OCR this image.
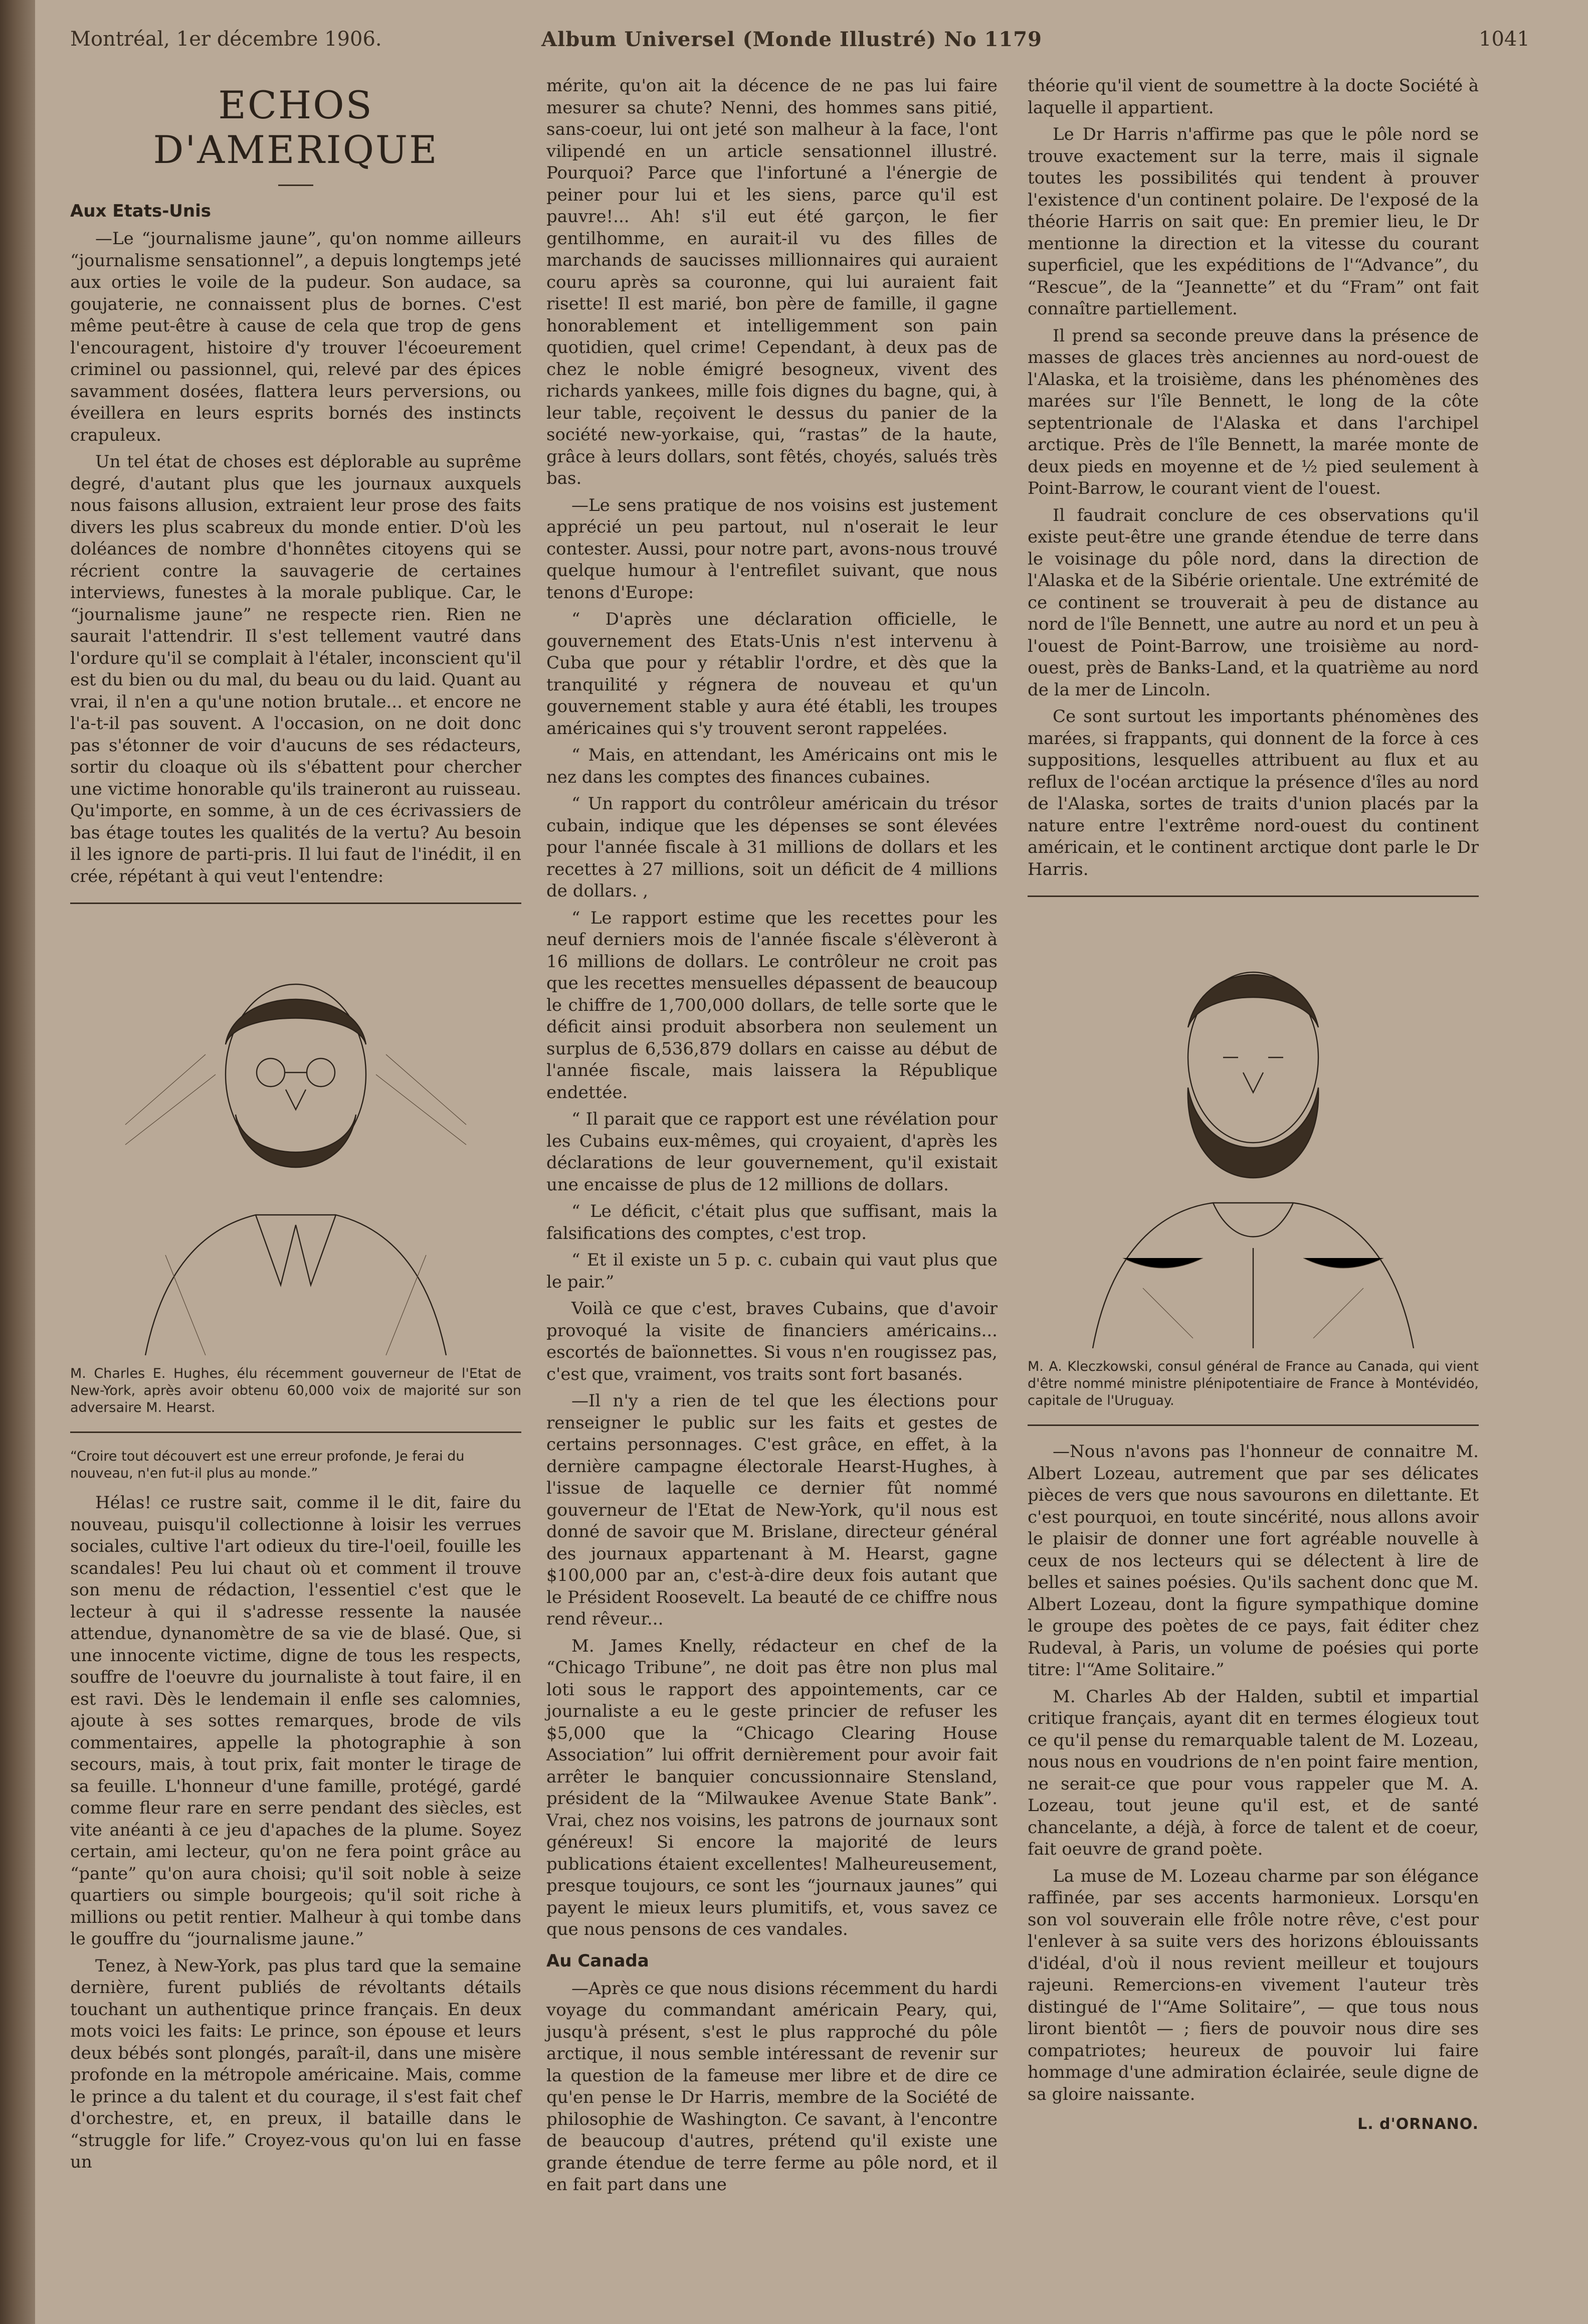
Montréal, 1er décembre 1906.	Album Universel (Monde Illustré) No 1179	1041
ECHOS D'AMERIQUE
Aux Etats-Unis

—Le “journalisme jaune”, qu'on nomme ailleurs “journalisme sensationnel”, a depuis longtemps jeté aux orties le voile de la pudeur. Son audace, sa goujaterie, ne connaissent plus de bornes. C'est même peut-être à cause de cela que trop de gens l'encouragent, histoire d'y trouver l'écoeurement criminel ou passionnel, qui, relevé par des épices savamment dosées, flattera leurs perversions, ou éveillera en leurs esprits bornés des instincts crapuleux.

Un tel état de choses est déplorable au suprême degré, d'autant plus que les journaux auxquels nous faisons allusion, extraient leur prose des faits divers les plus scabreux du monde entier. D'où les doléances de nombre d'honnêtes citoyens qui se récrient contre la sauvagerie de certaines interviews, funestes à la morale publique. Car, le “journalisme jaune” ne respecte rien. Rien ne saurait l'attendrir. Il s'est tellement vautré dans l'ordure qu'il se complait à l'étaler, inconscient qu'il est du bien ou du mal, du beau ou du laid. Quant au vrai, il n'en a qu'une notion brutale... et encore ne l'a-t-il pas souvent. A l'occasion, on ne doit donc pas s'étonner de voir d'aucuns de ses rédacteurs, sortir du cloaque où ils s'ébattent pour chercher une victime honorable qu'ils traineront au ruisseau. Qu'importe, en somme, à un de ces écrivassiers de bas étage toutes les qualités de la vertu? Au besoin il les ignore de parti-pris. Il lui faut de l'inédit, il en crée, répétant à qui veut l'entendre:

M. Charles E. Hughes, élu récemment gouverneur de l'Etat de New-York, après avoir obtenu 60,000 voix de majorité sur son adversaire M. Hearst.
“Croire tout découvert est une erreur profonde, Je ferai du nouveau, n'en fut-il plus au monde.”

Hélas! ce rustre sait, comme il le dit, faire du nouveau, puisqu'il collectionne à loisir les verrues sociales, cultive l'art odieux du tire-l'oeil, fouille les scandales! Peu lui chaut où et comment il trouve son menu de rédaction, l'essentiel c'est que le lecteur à qui il s'adresse ressente la nausée attendue, dynanomètre de sa vie de blasé. Que, si une innocente victime, digne de tous les respects, souffre de l'oeuvre du journaliste à tout faire, il en est ravi. Dès le lendemain il enfle ses calomnies, ajoute à ses sottes remarques, brode de vils commentaires, appelle la photographie à son secours, mais, à tout prix, fait monter le tirage de sa feuille. L'honneur d'une famille, protégé, gardé comme fleur rare en serre pendant des siècles, est vite anéanti à ce jeu d'apaches de la plume. Soyez certain, ami lecteur, qu'on ne fera point grâce au “pante” qu'on aura choisi; qu'il soit noble à seize quartiers ou simple bourgeois; qu'il soit riche à millions ou petit rentier. Malheur à qui tombe dans le gouffre du “journalisme jaune.”

Tenez, à New-York, pas plus tard que la semaine dernière, furent publiés de révoltants détails touchant un authentique prince français. En deux mots voici les faits: Le prince, son épouse et leurs deux bébés sont plongés, paraît-il, dans une misère profonde en la métropole américaine. Mais, comme le prince a du talent et du courage, il s'est fait chef d'orchestre, et, en preux, il bataille dans le “struggle for life.” Croyez-vous qu'on lui en fasse un

mérite, qu'on ait la décence de ne pas lui faire mesurer sa chute? Nenni, des hommes sans pitié, sans-coeur, lui ont jeté son malheur à la face, l'ont vilipendé en un article sensationnel illustré. Pourquoi? Parce que l'infortuné a l'énergie de peiner pour lui et les siens, parce qu'il est pauvre!... Ah! s'il eut été garçon, le fier gentilhomme, en aurait-il vu des filles de marchands de saucisses millionnaires qui auraient couru après sa couronne, qui lui auraient fait risette! Il est marié, bon père de famille, il gagne honorablement et intelligemment son pain quotidien, quel crime! Cependant, à deux pas de chez le noble émigré besogneux, vivent des richards yankees, mille fois dignes du bagne, qui, à leur table, reçoivent le dessus du panier de la société new-yorkaise, qui, “rastas” de la haute, grâce à leurs dollars, sont fêtés, choyés, salués très bas.

—Le sens pratique de nos voisins est justement apprécié un peu partout, nul n'oserait le leur contester. Aussi, pour notre part, avons-nous trouvé quelque humour à l'entrefilet suivant, que nous tenons d'Europe:

“ D'après une déclaration officielle, le gouvernement des Etats-Unis n'est intervenu à Cuba que pour y rétablir l'ordre, et dès que la tranquilité y régnera de nouveau et qu'un gouvernement stable y aura été établi, les troupes américaines qui s'y trouvent seront rappelées.

“ Mais, en attendant, les Américains ont mis le nez dans les comptes des finances cubaines.

“ Un rapport du contrôleur américain du trésor cubain, indique que les dépenses se sont élevées pour l'année fiscale à 31 millions de dollars et les recettes à 27 millions, soit un déficit de 4 millions de dollars. ,

“ Le rapport estime que les recettes pour les neuf derniers mois de l'année fiscale s'élèveront à 16 millions de dollars. Le contrôleur ne croit pas que les recettes mensuelles dépassent de beaucoup le chiffre de 1,700,000 dollars, de telle sorte que le déficit ainsi produit absorbera non seulement un surplus de 6,536,879 dollars en caisse au début de l'année fiscale, mais laissera la République endettée.

“ Il parait que ce rapport est une révélation pour les Cubains eux-mêmes, qui croyaient, d'après les déclarations de leur gouvernement, qu'il existait une encaisse de plus de 12 millions de dollars.

“ Le déficit, c'était plus que suffisant, mais la falsifications des comptes, c'est trop.

“ Et il existe un 5 p. c. cubain qui vaut plus que le pair.”

Voilà ce que c'est, braves Cubains, que d'avoir provoqué la visite de financiers américains... escortés de baïonnettes. Si vous n'en rougissez pas, c'est que, vraiment, vos traits sont fort basanés.

—Il n'y a rien de tel que les élections pour renseigner le public sur les faits et gestes de certains personnages. C'est grâce, en effet, à la dernière campagne électorale Hearst-Hughes, à l'issue de laquelle ce dernier fût nommé gouverneur de l'Etat de New-York, qu'il nous est donné de savoir que M. Brislane, directeur général des journaux appartenant à M. Hearst, gagne $100,000 par an, c'est-à-dire deux fois autant que le Président Roosevelt. La beauté de ce chiffre nous rend rêveur...

M. James Knelly, rédacteur en chef de la “Chicago Tribune”, ne doit pas être non plus mal loti sous le rapport des appointements, car ce journaliste a eu le geste princier de refuser les $5,000 que la “Chicago Clearing House Association” lui offrit dernièrement pour avoir fait arrêter le banquier concussionnaire Stensland, président de la “Milwaukee Avenue State Bank”. Vrai, chez nos voisins, les patrons de journaux sont généreux! Si encore la majorité de leurs publications étaient excellentes! Malheureusement, presque toujours, ce sont les “journaux jaunes” qui payent le mieux leurs plumitifs, et, vous savez ce que nous pensons de ces vandales.

Au Canada

—Après ce que nous disions récemment du hardi voyage du commandant américain Peary, qui, jusqu'à présent, s'est le plus rapproché du pôle arctique, il nous semble intéressant de revenir sur la question de la fameuse mer libre et de dire ce qu'en pense le Dr Harris, membre de la Société de philosophie de Washington. Ce savant, à l'encontre de beaucoup d'autres, prétend qu'il existe une grande étendue de terre ferme au pôle nord, et il en fait part dans une

théorie qu'il vient de soumettre à la docte Société à laquelle il appartient.

Le Dr Harris n'affirme pas que le pôle nord se trouve exactement sur la terre, mais il signale toutes les possibilités qui tendent à prouver l'existence d'un continent polaire. De l'exposé de la théorie Harris on sait que: En premier lieu, le Dr mentionne la direction et la vitesse du courant superficiel, que les expéditions de l'“Advance”, du “Rescue”, de la “Jeannette” et du “Fram” ont fait connaître partiellement.

Il prend sa seconde preuve dans la présence de masses de glaces très anciennes au nord-ouest de l'Alaska, et la troisième, dans les phénomènes des marées sur l'île Bennett, le long de la côte septentrionale de l'Alaska et dans l'archipel arctique. Près de l'île Bennett, la marée monte de deux pieds en moyenne et de ½ pied seulement à Point-Barrow, le courant vient de l'ouest.

Il faudrait conclure de ces observations qu'il existe peut-être une grande étendue de terre dans le voisinage du pôle nord, dans la direction de l'Alaska et de la Sibérie orientale. Une extrémité de ce continent se trouverait à peu de distance au nord de l'île Bennett, une autre au nord et un peu à l'ouest de Point-Barrow, une troisième au nord-ouest, près de Banks-Land, et la quatrième au nord de la mer de Lincoln.

Ce sont surtout les importants phénomènes des marées, si frappants, qui donnent de la force à ces suppositions, lesquelles attribuent au flux et au reflux de l'océan arctique la présence d'îles au nord de l'Alaska, sortes de traits d'union placés par la nature entre l'extrême nord-ouest du continent américain, et le continent arctique dont parle le Dr Harris.

M. A. Kleczkowski, consul général de France au Canada, qui vient d'être nommé ministre plénipotentiaire de France à Montévidéo, capitale de l'Uruguay.

—Nous n'avons pas l'honneur de connaitre M. Albert Lozeau, autrement que par ses délicates pièces de vers que nous savourons en dilettante. Et c'est pourquoi, en toute sincérité, nous allons avoir le plaisir de donner une fort agréable nouvelle à ceux de nos lecteurs qui se délectent à lire de belles et saines poésies. Qu'ils sachent donc que M. Albert Lozeau, dont la figure sympathique domine le groupe des poètes de ce pays, fait éditer chez Rudeval, à Paris, un volume de poésies qui porte titre: l'“Ame Solitaire.”

M. Charles Ab der Halden, subtil et impartial critique français, ayant dit en termes élogieux tout ce qu'il pense du remarquable talent de M. Lozeau, nous nous en voudrions de n'en point faire mention, ne serait-ce que pour vous rappeler que M. A. Lozeau, tout jeune qu'il est, et de santé chancelante, a déjà, à force de talent et de coeur, fait oeuvre de grand poète.

La muse de M. Lozeau charme par son élégance raffinée, par ses accents harmonieux. Lorsqu'en son vol souverain elle frôle notre rêve, c'est pour l'enlever à sa suite vers des horizons éblouissants d'idéal, d'où il nous revient meilleur et toujours rajeuni. Remercions-en vivement l'auteur très distingué de l'“Ame Solitaire”, — que tous nous liront bientôt — ; fiers de pouvoir nous dire ses compatriotes; heureux de pouvoir lui faire hommage d'une admiration éclairée, seule digne de sa gloire naissante.

L. d'ORNANO.
